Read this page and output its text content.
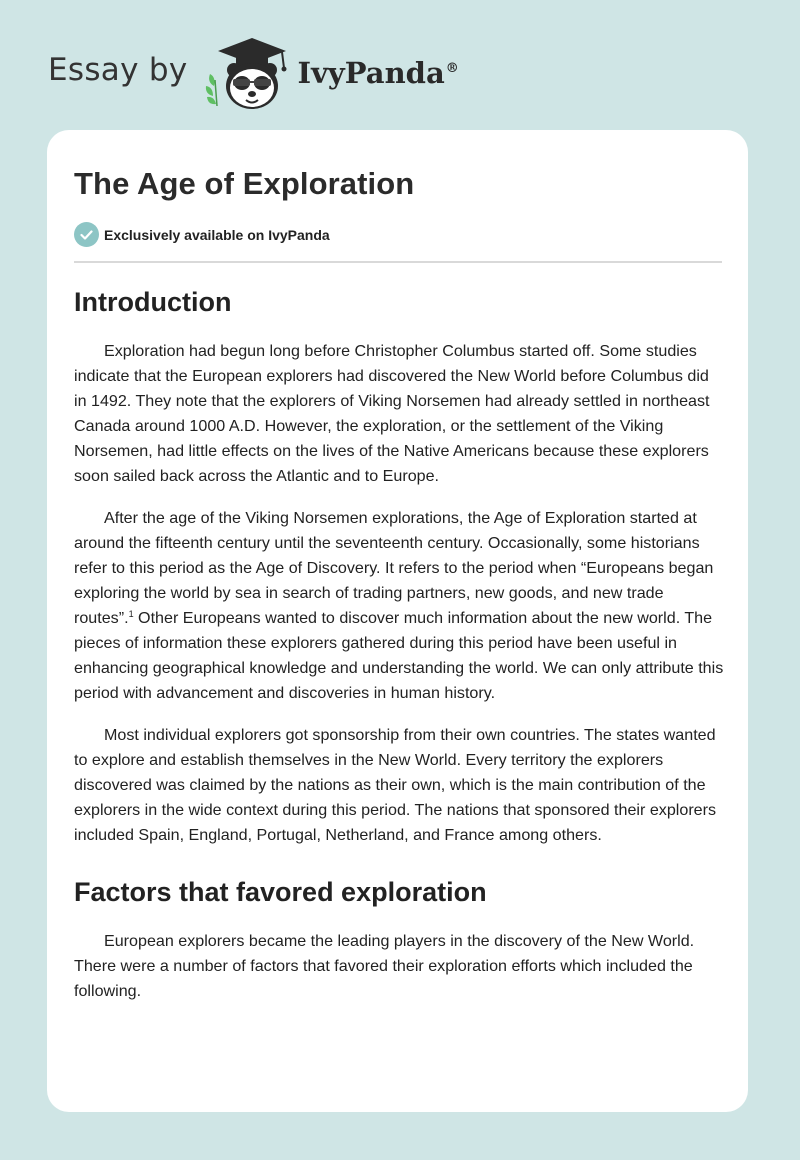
Essay by	IvyPanda®
The Age of Exploration
Exclusively available on IvyPanda
Introduction

Exploration had begun long before Christopher Columbus started off. Some studies indicate that the European explorers had discovered the New World before Columbus did in 1492. They note that the explorers of Viking Norsemen had already settled in northeast Canada around 1000 A.D. However, the exploration, or the settlement of the Viking Norsemen, had little effects on the lives of the Native Americans because these explorers soon sailed back across the Atlantic and to Europe.

After the age of the Viking Norsemen explorations, the Age of Exploration started at around the fifteenth century until the seventeenth century. Occasionally, some historians refer to this period as the Age of Discovery. It refers to the period when “Europeans began exploring the world by sea in search of trading partners, new goods, and new trade routes”.$^1$ Other Europeans wanted to discover much information about the new world. The pieces of information these explorers gathered during this period have been useful in enhancing geographical knowledge and understanding the world. We can only attribute this period with advancement and discoveries in human history.

Most individual explorers got sponsorship from their own countries. The states wanted to explore and establish themselves in the New World. Every territory the explorers discovered was claimed by the nations as their own, which is the main contribution of the explorers in the wide context during this period. The nations that sponsored their explorers included Spain, England, Portugal, Netherland, and France among others.

Factors that favored exploration

European explorers became the leading players in the discovery of the New World. There were a number of factors that favored their exploration efforts which included the following.
